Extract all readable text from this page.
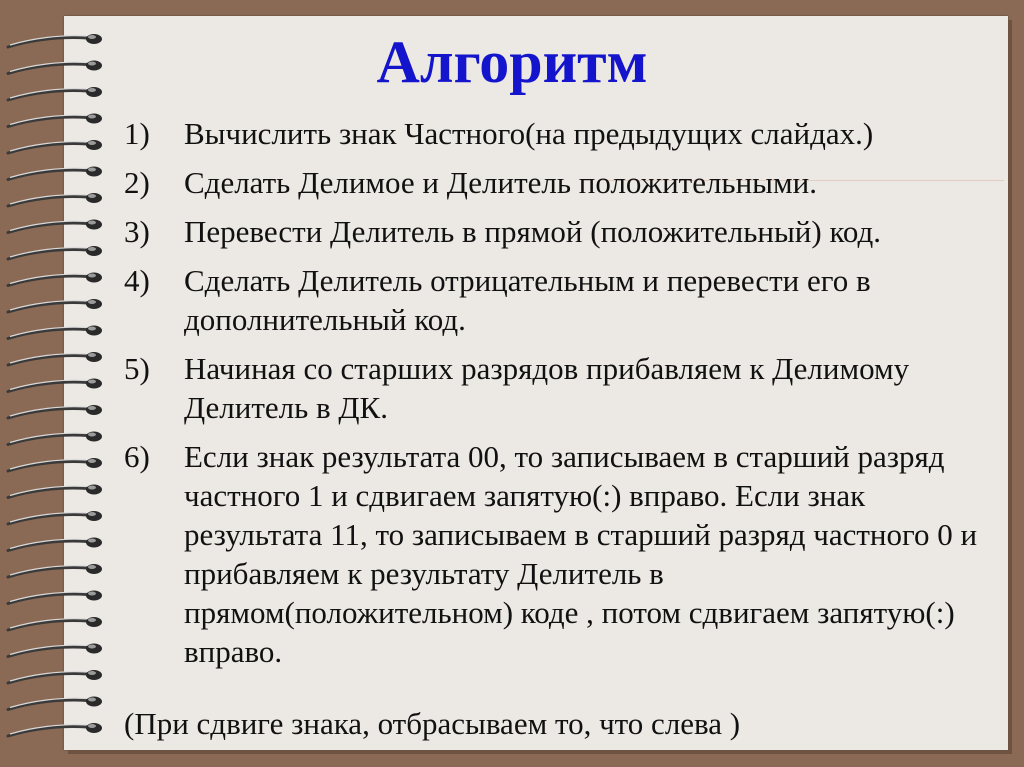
Алгоритм
1)	Вычислить знак Частного(на предыдущих слайдах.)
2)	Сделать Делимое и Делитель положительными.
3)	Перевести Делитель в прямой (положительный) код.
4)	Сделать Делитель отрицательным и перевести его в дополнительный код.
5)	Начиная со старших разрядов прибавляем к Делимому Делитель в ДК.
6)	Если знак результата 00, то записываем в старший разряд частного 1 и сдвигаем запятую(:) вправо. Если знак результата 11, то записываем в старший разряд частного 0 и прибавляем к результату Делитель в прямом(положительном) коде , потом сдвигаем запятую(:) вправо.
(При сдвиге знака, отбрасываем то, что слева )
